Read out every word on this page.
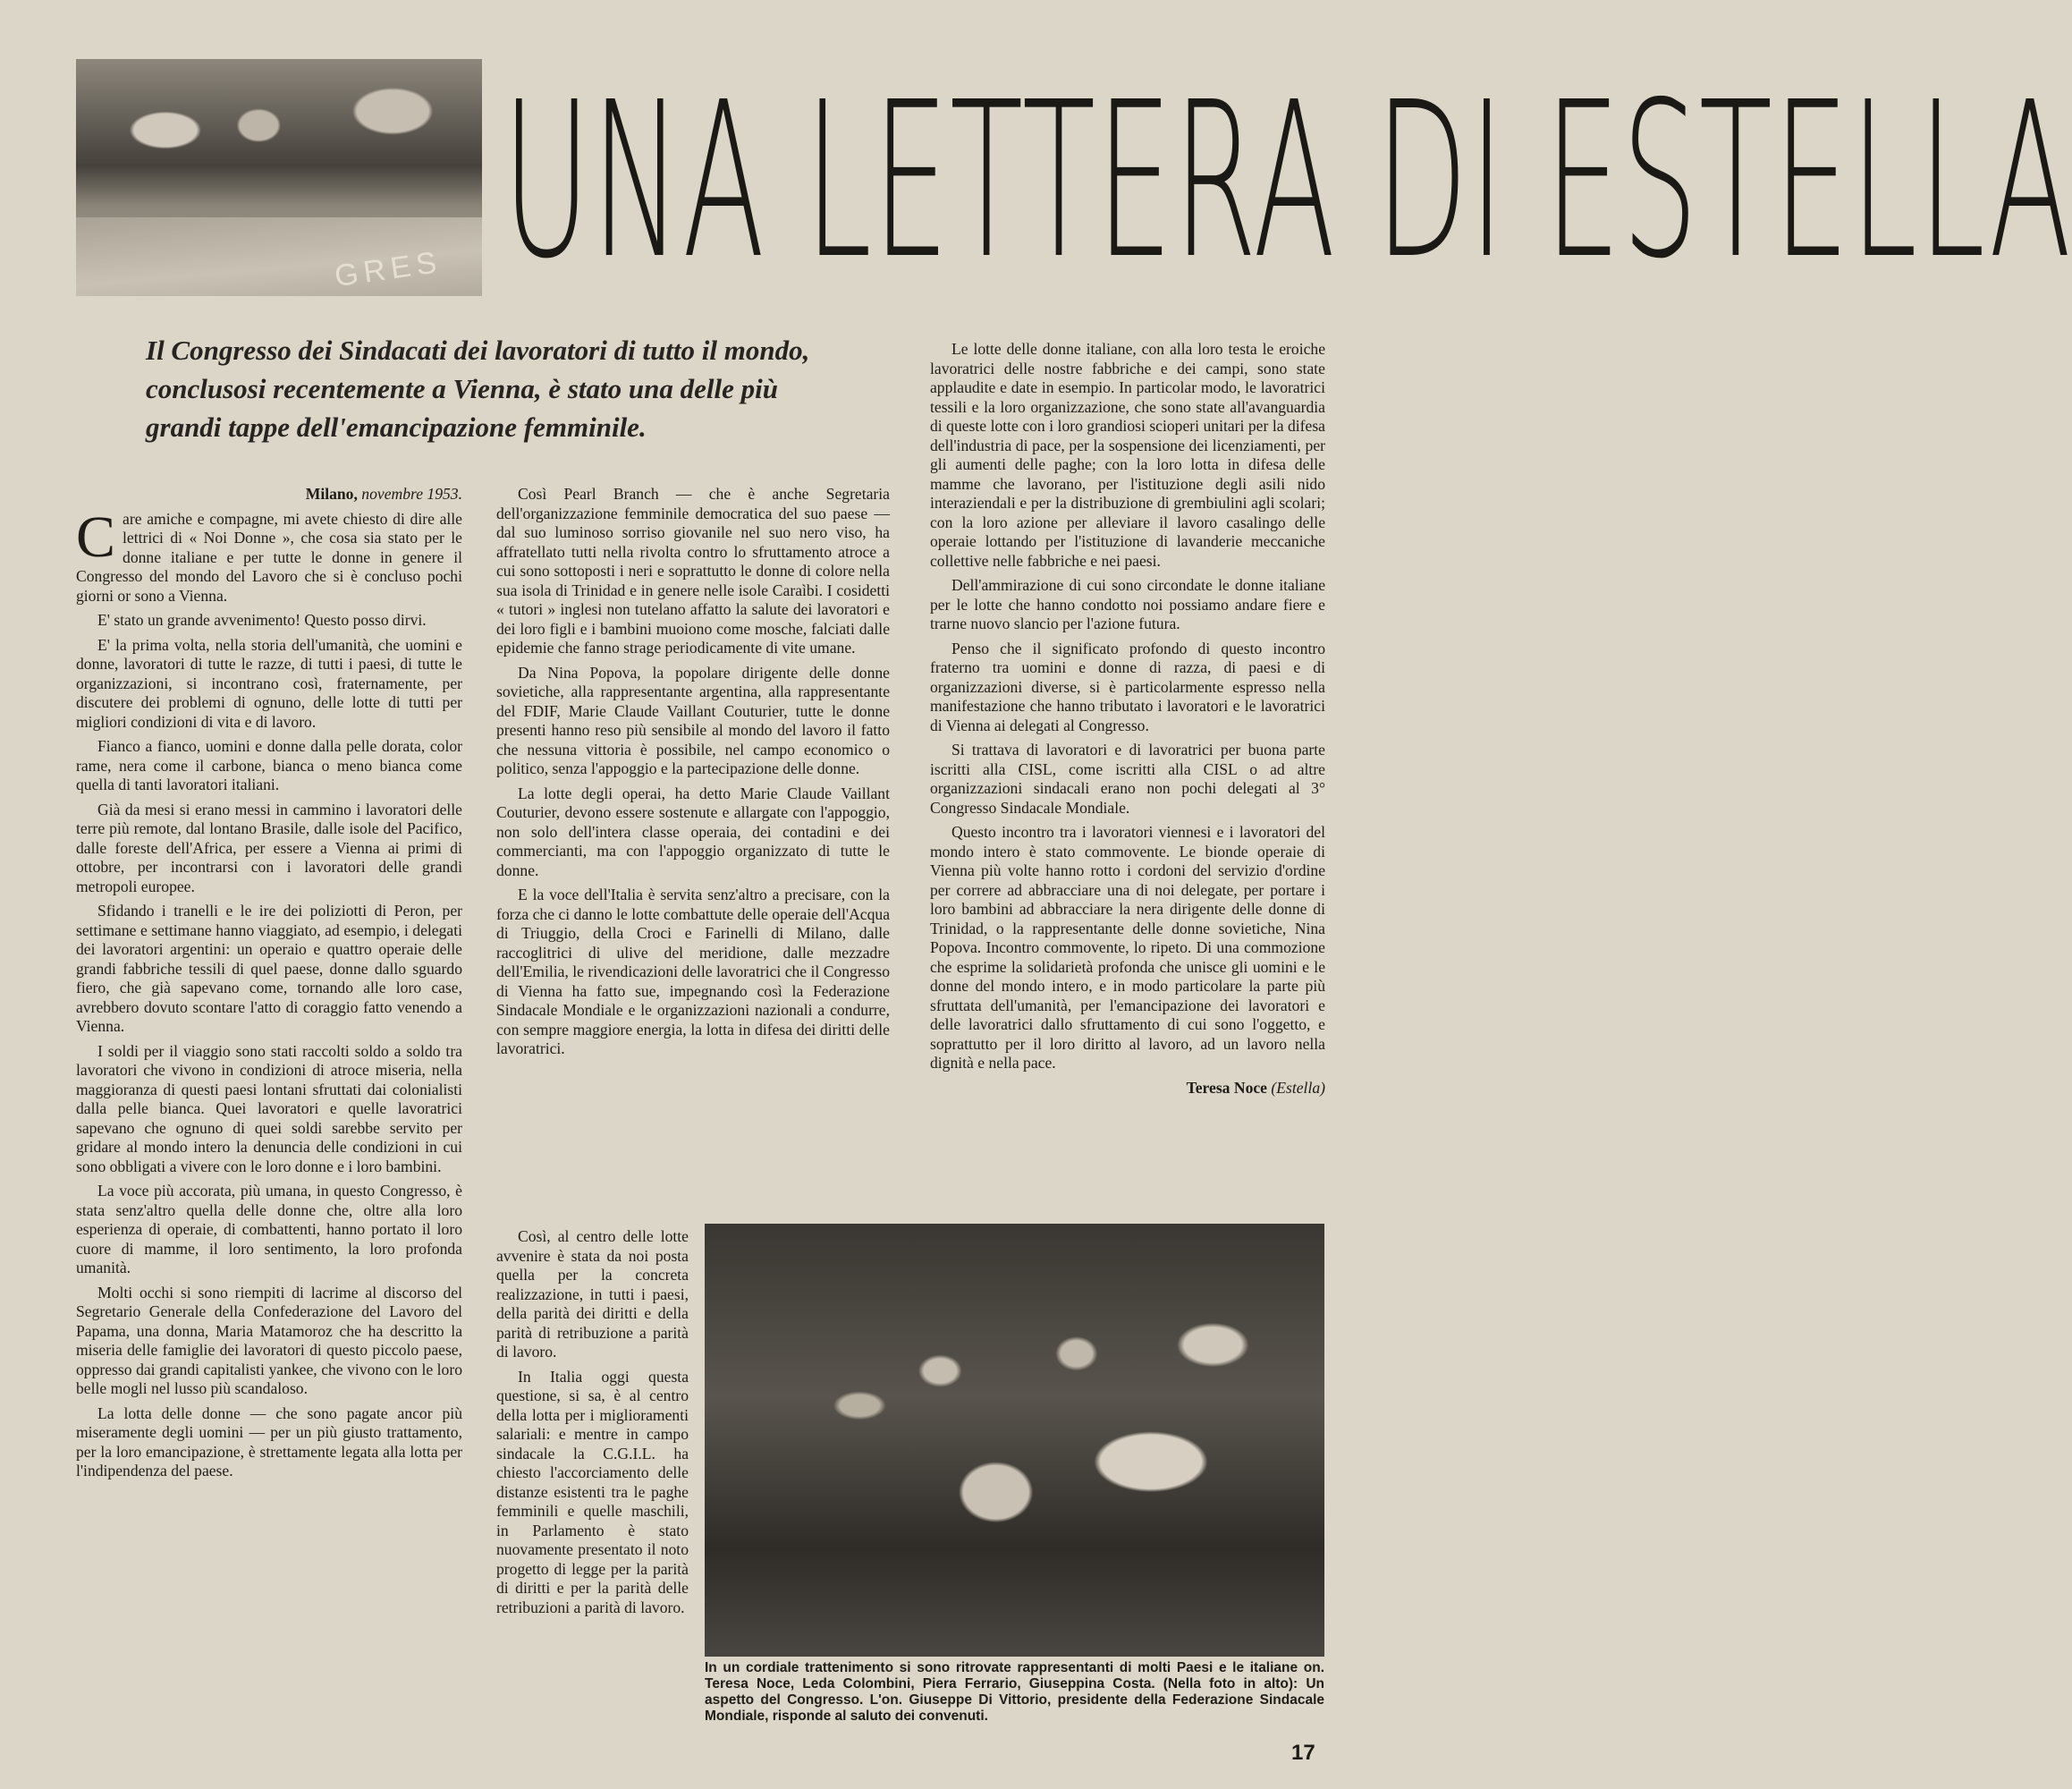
GRES UNA LETTERA DI ESTELLA
Il Congresso dei Sindacati dei lavoratori di tutto il mondo, conclusosi recentemente a Vienna, è stato una delle più grandi tappe dell'emancipazione femminile.
Milano, novembre 1953.

Care amiche e compagne, mi avete chiesto di dire alle lettrici di « Noi Donne », che cosa sia stato per le donne italiane e per tutte le donne in genere il Congresso del mondo del Lavoro che si è concluso pochi giorni or sono a Vienna.

E' stato un grande avvenimento! Questo posso dirvi.

E' la prima volta, nella storia dell'umanità, che uomini e donne, lavoratori di tutte le razze, di tutti i paesi, di tutte le organizzazioni, si incontrano così, fraternamente, per discutere dei problemi di ognuno, delle lotte di tutti per migliori condizioni di vita e di lavoro.

Fianco a fianco, uomini e donne dalla pelle dorata, color rame, nera come il carbone, bianca o meno bianca come quella di tanti lavoratori italiani.

Già da mesi si erano messi in cammino i lavoratori delle terre più remote, dal lontano Brasile, dalle isole del Pacifico, dalle foreste dell'Africa, per essere a Vienna ai primi di ottobre, per incontrarsi con i lavoratori delle grandi metropoli europee.

Sfidando i tranelli e le ire dei poliziotti di Peron, per settimane e settimane hanno viaggiato, ad esempio, i delegati dei lavoratori argentini: un operaio e quattro operaie delle grandi fabbriche tessili di quel paese, donne dallo sguardo fiero, che già sapevano come, tornando alle loro case, avrebbero dovuto scontare l'atto di coraggio fatto venendo a Vienna.

I soldi per il viaggio sono stati raccolti soldo a soldo tra lavoratori che vivono in condizioni di atroce miseria, nella maggioranza di questi paesi lontani sfruttati dai colonialisti dalla pelle bianca. Quei lavoratori e quelle lavoratrici sapevano che ognuno di quei soldi sarebbe servito per gridare al mondo intero la denuncia delle condizioni in cui sono obbligati a vivere con le loro donne e i loro bambini.

La voce più accorata, più umana, in questo Congresso, è stata senz'altro quella delle donne che, oltre alla loro esperienza di operaie, di combattenti, hanno portato il loro cuore di mamme, il loro sentimento, la loro profonda umanità.

Molti occhi si sono riempiti di lacrime al discorso del Segretario Generale della Confederazione del Lavoro del Papama, una donna, Maria Matamoroz che ha descritto la miseria delle famiglie dei lavoratori di questo piccolo paese, oppresso dai grandi capitalisti yankee, che vivono con le loro belle mogli nel lusso più scandaloso.

La lotta delle donne — che sono pagate ancor più miseramente degli uomini — per un più giusto trattamento, per la loro emancipazione, è strettamente legata alla lotta per l'indipendenza del paese.

Così Pearl Branch — che è anche Segretaria dell'organizzazione femminile democratica del suo paese — dal suo luminoso sorriso giovanile nel suo nero viso, ha affratellato tutti nella rivolta contro lo sfruttamento atroce a cui sono sottoposti i neri e soprattutto le donne di colore nella sua isola di Trinidad e in genere nelle isole Caraìbi. I cosidetti « tutori » inglesi non tutelano affatto la salute dei lavoratori e dei loro figli e i bambini muoiono come mosche, falciati dalle epidemie che fanno strage periodicamente di vite umane.

Da Nina Popova, la popolare dirigente delle donne sovietiche, alla rappresentante argentina, alla rappresentante del FDIF, Marie Claude Vaillant Couturier, tutte le donne presenti hanno reso più sensibile al mondo del lavoro il fatto che nessuna vittoria è possibile, nel campo economico o politico, senza l'appoggio e la partecipazione delle donne.

La lotte degli operai, ha detto Marie Claude Vaillant Couturier, devono essere sostenute e allargate con l'appoggio, non solo dell'intera classe operaia, dei contadini e dei commercianti, ma con l'appoggio organizzato di tutte le donne.

E la voce dell'Italia è servita senz'altro a precisare, con la forza che ci danno le lotte combattute delle operaie dell'Acqua di Triuggio, della Croci e Farinelli di Milano, dalle raccoglitrici di ulive del meridione, dalle mezzadre dell'Emilia, le rivendicazioni delle lavoratrici che il Congresso di Vienna ha fatto sue, impegnando così la Federazione Sindacale Mondiale e le organizzazioni nazionali a condurre, con sempre maggiore energia, la lotta in difesa dei diritti delle lavoratrici.

Così, al centro delle lotte avvenire è stata da noi posta quella per la concreta realizzazione, in tutti i paesi, della parità dei diritti e della parità di retribuzione a parità di lavoro.

In Italia oggi questa questione, si sa, è al centro della lotta per i miglioramenti salariali: e mentre in campo sindacale la C.G.I.L. ha chiesto l'accorciamento delle distanze esistenti tra le paghe femminili e quelle maschili, in Parlamento è stato nuovamente presentato il noto progetto di legge per la parità di diritti e per la parità delle retribuzioni a parità di lavoro.

Le lotte delle donne italiane, con alla loro testa le eroiche lavoratrici delle nostre fabbriche e dei campi, sono state applaudite e date in esempio. In particolar modo, le lavoratrici tessili e la loro organizzazione, che sono state all'avanguardia di queste lotte con i loro grandiosi scioperi unitari per la difesa dell'industria di pace, per la sospensione dei licenziamenti, per gli aumenti delle paghe; con la loro lotta in difesa delle mamme che lavorano, per l'istituzione degli asili nido interaziendali e per la distribuzione di grembiulini agli scolari; con la loro azione per alleviare il lavoro casalingo delle operaie lottando per l'istituzione di lavanderie meccaniche collettive nelle fabbriche e nei paesi.

Dell'ammirazione di cui sono circondate le donne italiane per le lotte che hanno condotto noi possiamo andare fiere e trarne nuovo slancio per l'azione futura.

Penso che il significato profondo di questo incontro fraterno tra uomini e donne di razza, di paesi e di organizzazioni diverse, si è particolarmente espresso nella manifestazione che hanno tributato i lavoratori e le lavoratrici di Vienna ai delegati al Congresso.

Si trattava di lavoratori e di lavoratrici per buona parte iscritti alla CISL, come iscritti alla CISL o ad altre organizzazioni sindacali erano non pochi delegati al 3° Congresso Sindacale Mondiale.

Questo incontro tra i lavoratori viennesi e i lavoratori del mondo intero è stato commovente. Le bionde operaie di Vienna più volte hanno rotto i cordoni del servizio d'ordine per correre ad abbracciare una di noi delegate, per portare i loro bambini ad abbracciare la nera dirigente delle donne di Trinidad, o la rappresentante delle donne sovietiche, Nina Popova. Incontro commovente, lo ripeto. Di una commozione che esprime la solidarietà profonda che unisce gli uomini e le donne del mondo intero, e in modo particolare la parte più sfruttata dell'umanità, per l'emancipazione dei lavoratori e delle lavoratrici dallo sfruttamento di cui sono l'oggetto, e soprattutto per il loro diritto al lavoro, ad un lavoro nella dignità e nella pace.

Teresa Noce (Estella)
In un cordiale trattenimento si sono ritrovate rappresentanti di molti Paesi e le italiane on. Teresa Noce, Leda Colombini, Piera Ferrario, Giuseppina Costa. (Nella foto in alto): Un aspetto del Congresso. L'on. Giuseppe Di Vittorio, presidente della Federazione Sindacale Mondiale, risponde al saluto dei convenuti.
17
